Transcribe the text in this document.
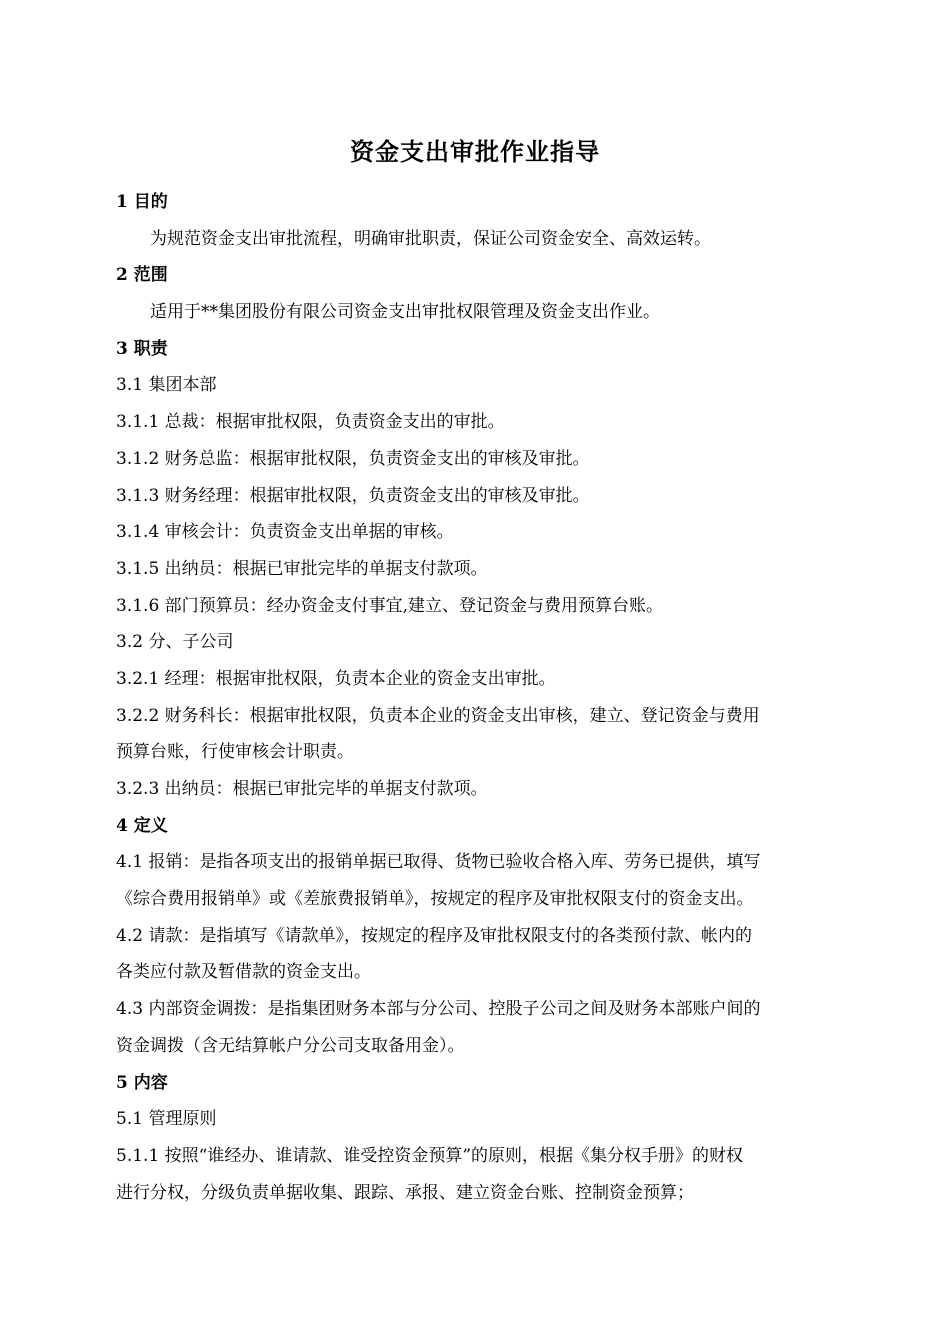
资金支出审批作业指导
1 目的
为规范资金支出审批流程，明确审批职责，保证公司资金安全、高效运转。
2 范围
适用于**集团股份有限公司资金支出审批权限管理及资金支出作业。
3 职责
3.1 集团本部
3.1.1 总裁：根据审批权限，负责资金支出的审批。
3.1.2 财务总监：根据审批权限，负责资金支出的审核及审批。
3.1.3 财务经理：根据审批权限，负责资金支出的审核及审批。
3.1.4 审核会计：负责资金支出单据的审核。
3.1.5 出纳员：根据已审批完毕的单据支付款项。
3.1.6 部门预算员：经办资金支付事宜,建立、登记资金与费用预算台账。
3.2 分、子公司
3.2.1 经理：根据审批权限，负责本企业的资金支出审批。
3.2.2 财务科长：根据审批权限，负责本企业的资金支出审核，建立、登记资金与费用
预算台账，行使审核会计职责。
3.2.3 出纳员：根据已审批完毕的单据支付款项。
4 定义
4.1 报销：是指各项支出的报销单据已取得、货物已验收合格入库、劳务已提供，填写
《综合费用报销单》或《差旅费报销单》，按规定的程序及审批权限支付的资金支出。
4.2 请款：是指填写《请款单》，按规定的程序及审批权限支付的各类预付款、帐内的
各类应付款及暂借款的资金支出。
4.3 内部资金调拨：是指集团财务本部与分公司、控股子公司之间及财务本部账户间的
资金调拨（含无结算帐户分公司支取备用金）。
5 内容
5.1 管理原则
5.1.1 按照“谁经办、谁请款、谁受控资金预算”的原则，根据《集分权手册》的财权
进行分权，分级负责单据收集、跟踪、承报、建立资金台账、控制资金预算；
